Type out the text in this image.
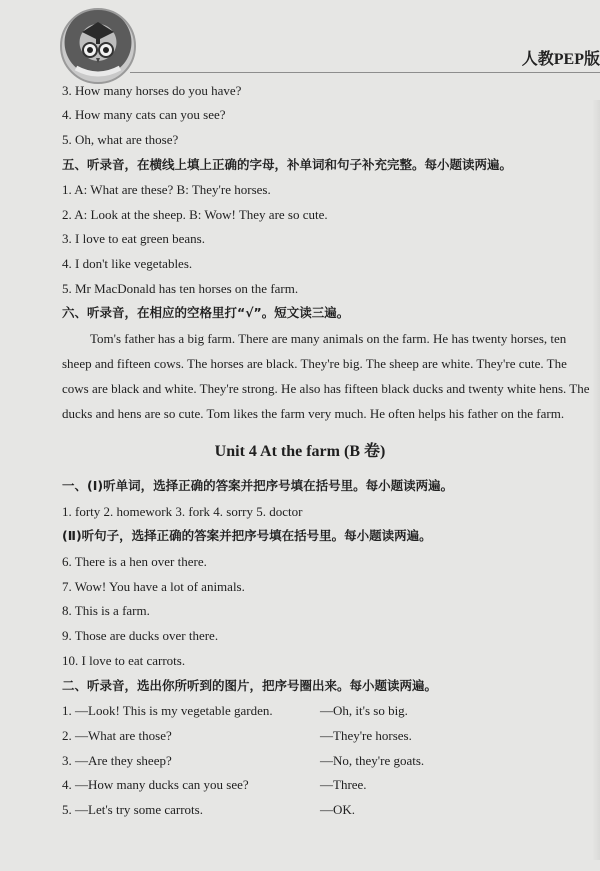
人教PEP版
3. How many horses do you have?
4. How many cats can you see?
5. Oh, what are those?
五、听录音，在横线上填上正确的字母，补单词和句子补充完整。每小题读两遍。
1. A: What are these? B: They're horses.
2. A: Look at the sheep. B: Wow! They are so cute.
3. I love to eat green beans.
4. I don't like vegetables.
5. Mr MacDonald has ten horses on the farm.
六、听录音，在相应的空格里打“√”。短文读三遍。
Tom's father has a big farm. There are many animals on the farm. He has twenty horses, ten
sheep and fifteen cows. The horses are black. They're big. The sheep are white. They're cute. The
cows are black and white. They're strong. He also has fifteen black ducks and twenty white hens. The
ducks and hens are so cute. Tom likes the farm very much. He often helps his father on the farm.
Unit 4 At the farm (B 卷)
一、(Ⅰ)听单词，选择正确的答案并把序号填在括号里。每小题读两遍。
1. forty 2. homework 3. fork 4. sorry 5. doctor
(Ⅱ)听句子，选择正确的答案并把序号填在括号里。每小题读两遍。
6. There is a hen over there.
7. Wow! You have a lot of animals.
8. This is a farm.
9. Those are ducks over there.
10. I love to eat carrots.
二、听录音，选出你所听到的图片，把序号圈出来。每小题读两遍。
1. —Look! This is my vegetable garden.	—Oh, it's so big.
2. —What are those?	—They're horses.
3. —Are they sheep?	—No, they're goats.
4. —How many ducks can you see?	—Three.
5. —Let's try some carrots.	—OK.
